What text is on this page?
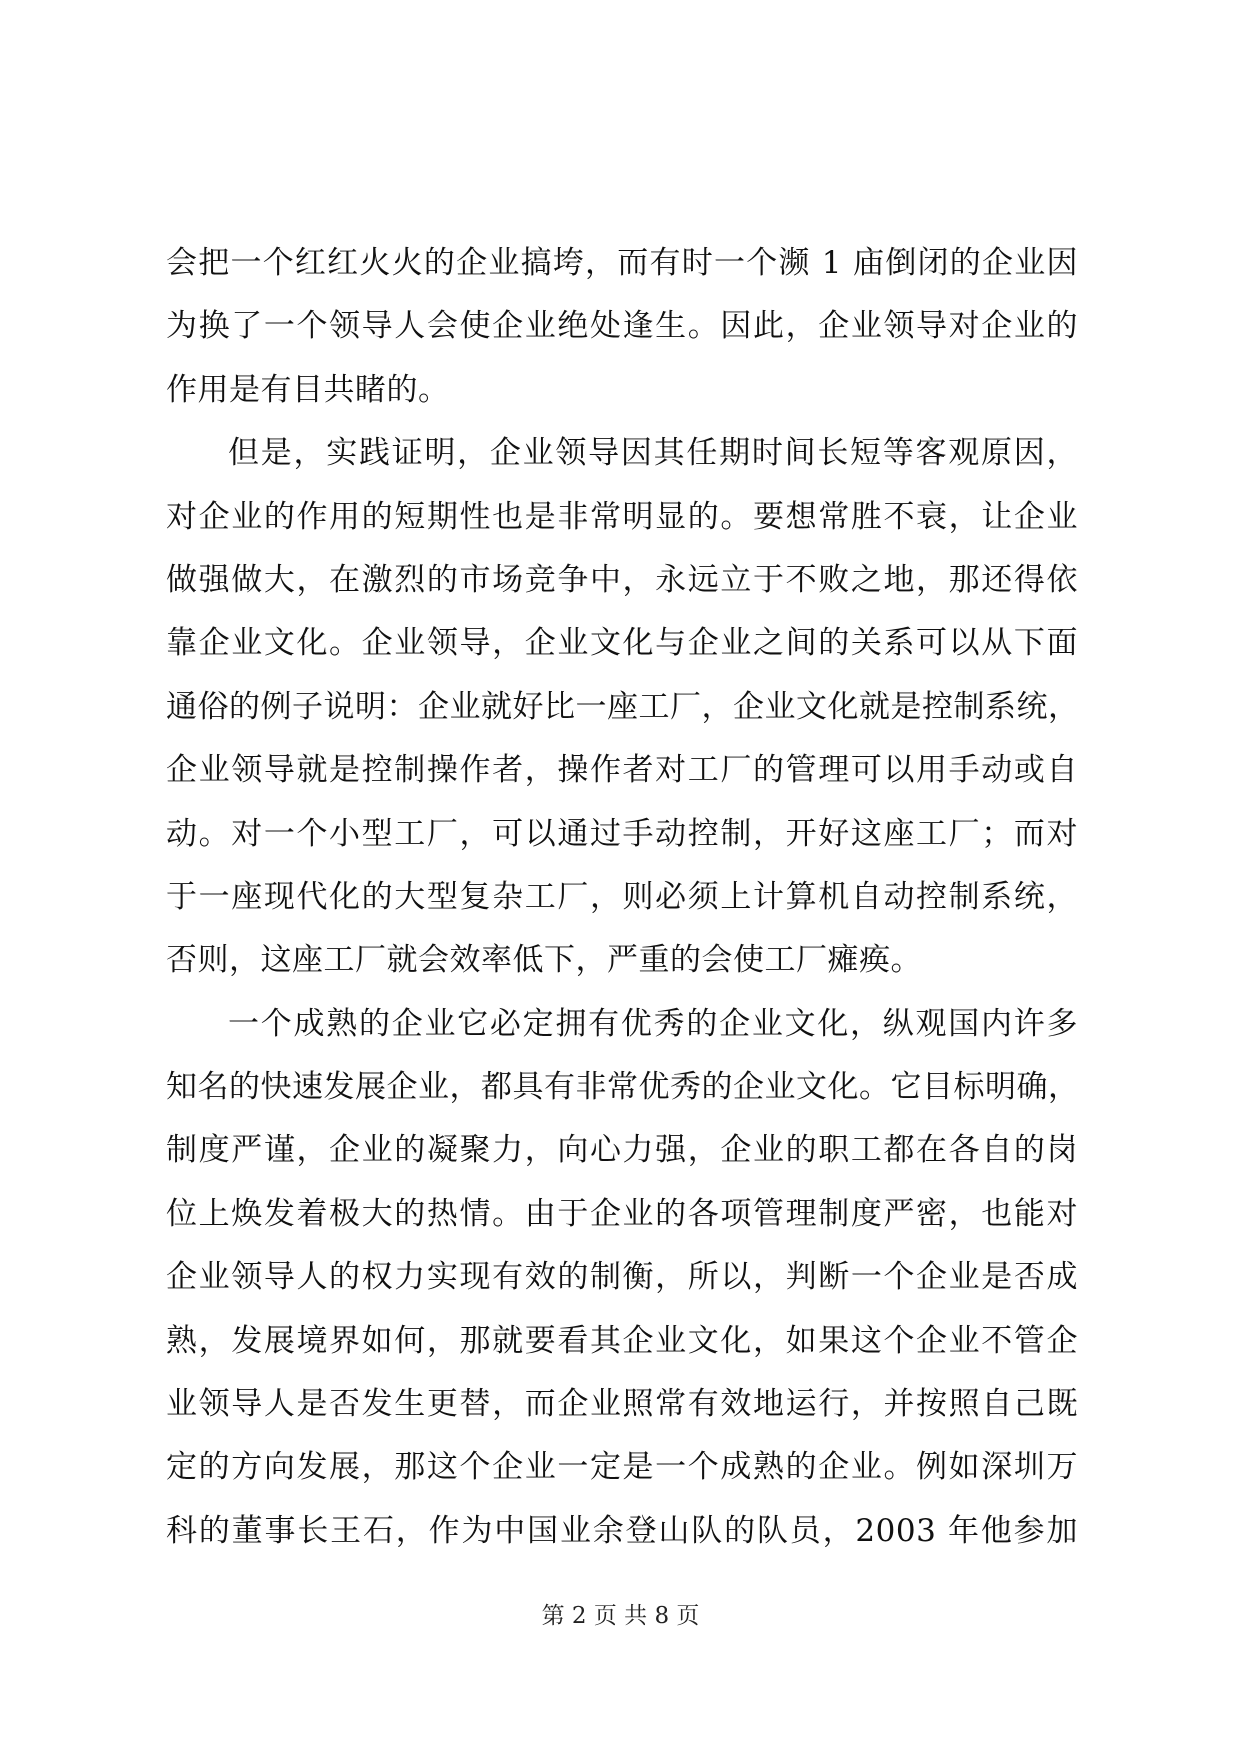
会把一个红红火火的企业搞垮，而有时一个濒 1 庙倒闭的企业因
为换了一个领导人会使企业绝处逢生。因此，企业领导对企业的
作用是有目共睹的。
但是，实践证明，企业领导因其任期时间长短等客观原因，
对企业的作用的短期性也是非常明显的。要想常胜不衰，让企业
做强做大，在激烈的市场竞争中，永远立于不败之地，那还得依
靠企业文化。企业领导，企业文化与企业之间的关系可以从下面
通俗的例子说明：企业就好比一座工厂，企业文化就是控制系统，
企业领导就是控制操作者，操作者对工厂的管理可以用手动或自
动。对一个小型工厂，可以通过手动控制，开好这座工厂；而对
于一座现代化的大型复杂工厂，则必须上计算机自动控制系统，
否则，这座工厂就会效率低下，严重的会使工厂瘫痪。
一个成熟的企业它必定拥有优秀的企业文化，纵观国内许多
知名的快速发展企业，都具有非常优秀的企业文化。它目标明确，
制度严谨，企业的凝聚力，向心力强，企业的职工都在各自的岗
位上焕发着极大的热情。由于企业的各项管理制度严密，也能对
企业领导人的权力实现有效的制衡，所以，判断一个企业是否成
熟，发展境界如何，那就要看其企业文化，如果这个企业不管企
业领导人是否发生更替，而企业照常有效地运行，并按照自己既
定的方向发展，那这个企业一定是一个成熟的企业。例如深圳万
科的董事长王石，作为中国业余登山队的队员，2003 年他参加
第 2 页 共 8 页
